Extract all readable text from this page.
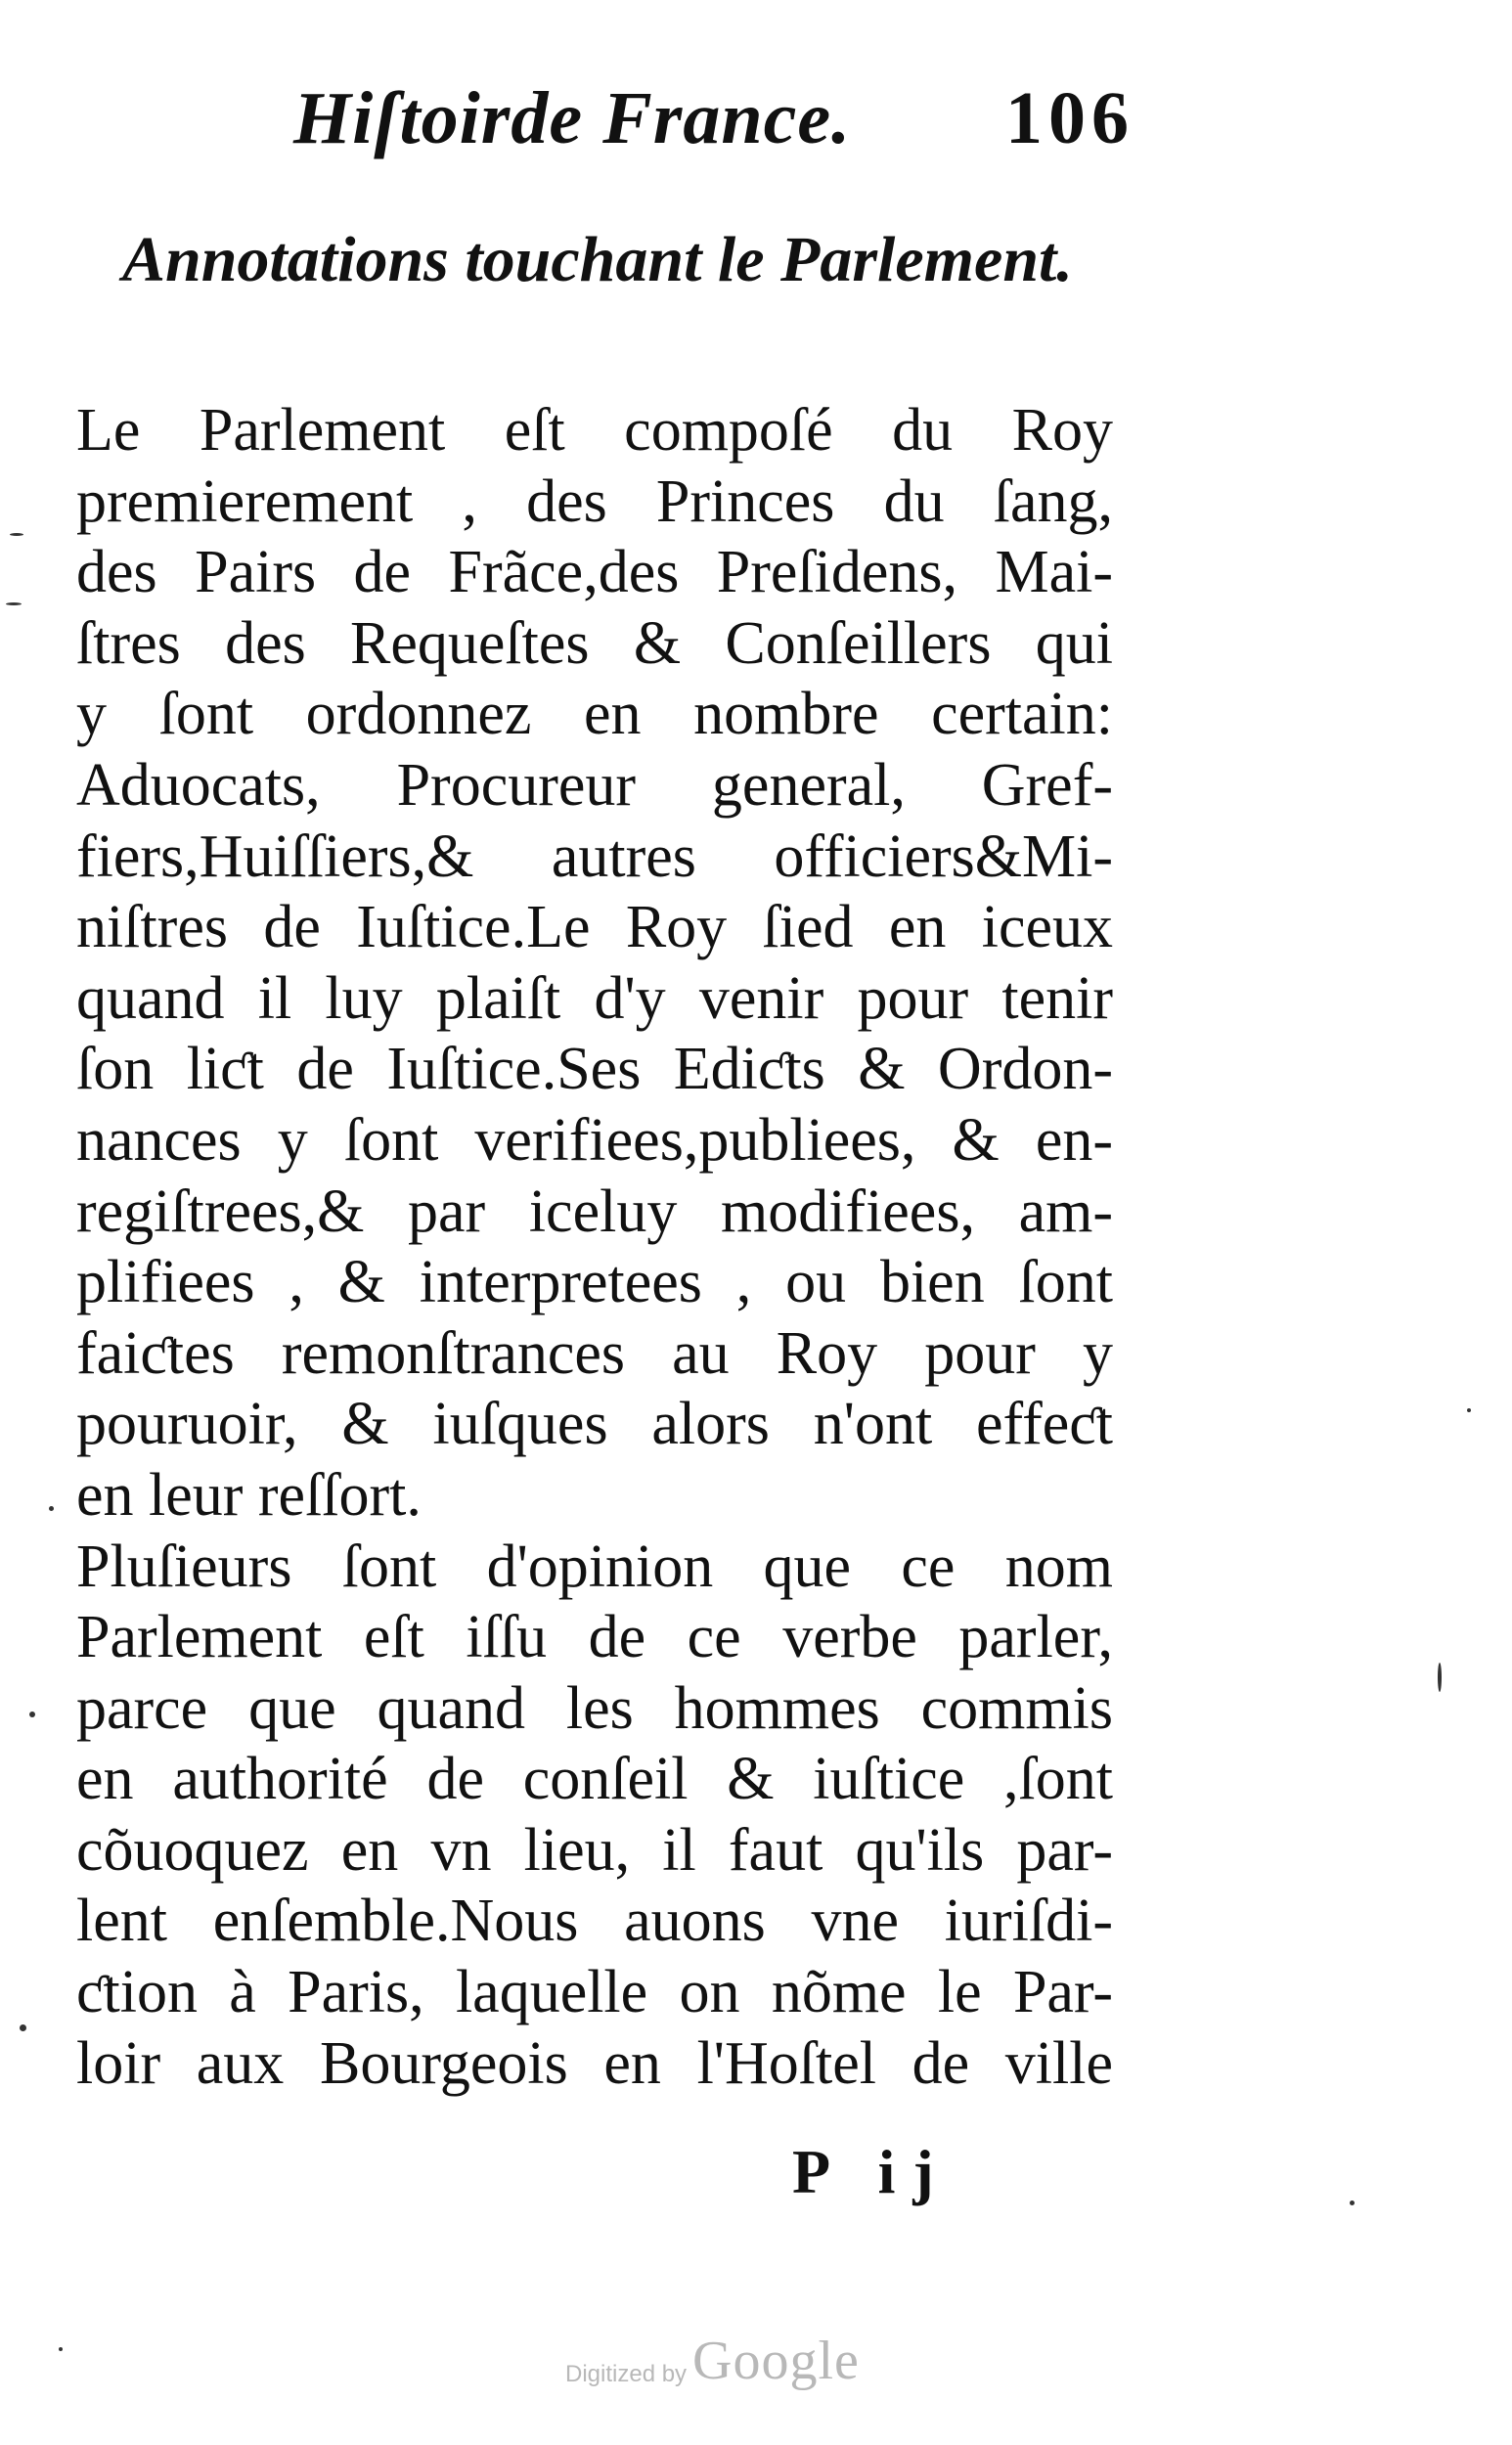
Hiſtoirde France. 106
Annotations touchant le Parlement.
Le Parlement eſt compoſé du Roy
premierement , des Princes du ſang,
des Pairs de Frãce,des Preſidens, Mai-
ſtres des Requeſtes & Conſeillers qui
y ſont ordonnez en nombre certain:
Aduocats, Procureur general, Gref-
fiers,Huiſſiers,& autres officiers&Mi-
niſtres de Iuſtice.Le Roy ſied en iceux
quand il luy plaiſt d'y venir pour tenir
ſon liƈt de Iuſtice.Ses Ediƈts & Ordon-
nances y ſont verifiees,publiees, & en-
regiſtrees,& par iceluy modifiees, am-
plifiees , & interpretees , ou bien ſont
faiƈtes remonſtrances au Roy pour y
pouruoir, & iuſques alors n'ont effeƈt
en leur reſſort.
Pluſieurs ſont d'opinion que ce nom
Parlement eſt iſſu de ce verbe parler,
parce que quand les hommes commis
en authorité de conſeil & iuſtice ,ſont
cõuoquez en vn lieu, il faut qu'ils par-
lent enſemble.Nous auons vne iuriſdi-
ƈtion à Paris, laquelle on nõme le Par-
loir aux Bourgeois en l'Hoſtel de ville
P ij
Digitized by Google
